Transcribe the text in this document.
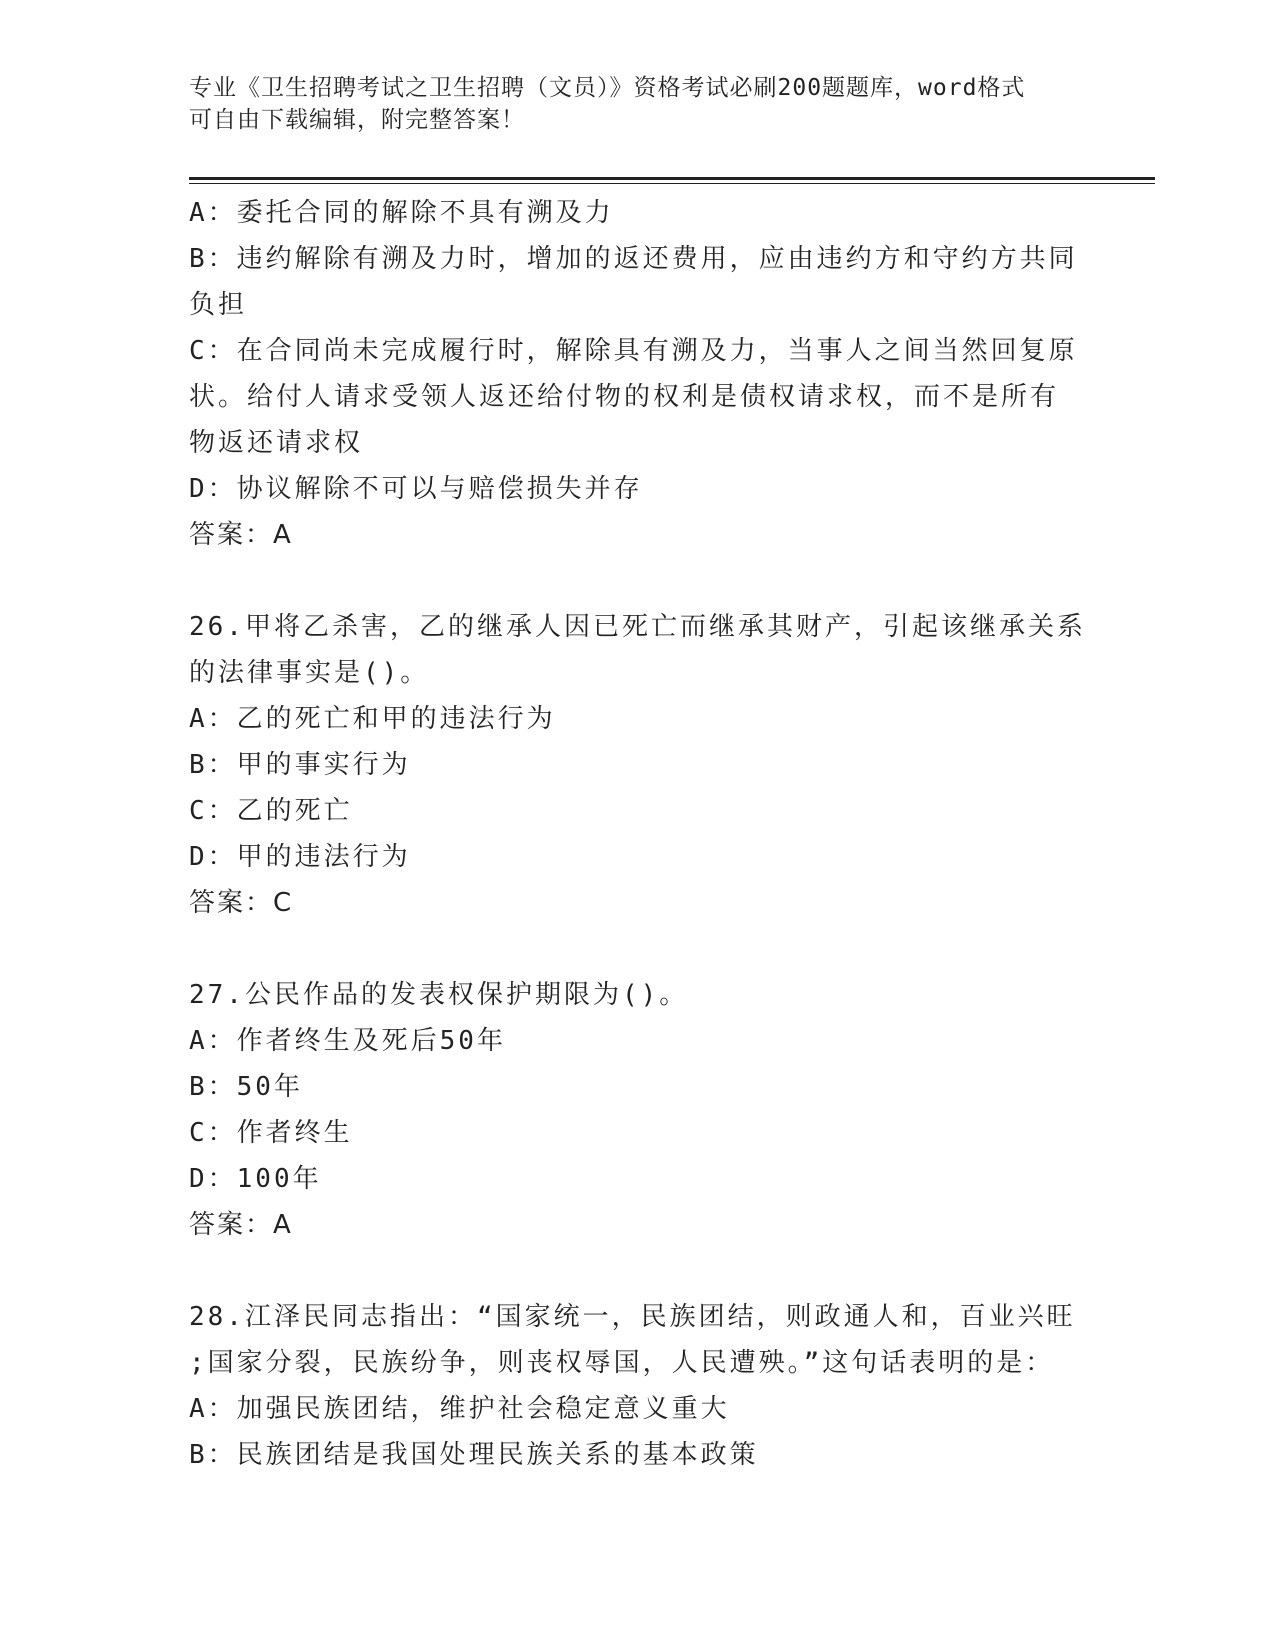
专业《卫生招聘考试之卫生招聘（文员）》资格考试必刷200题题库，word格式
可自由下载编辑，附完整答案！
A：委托合同的解除不具有溯及力
B：违约解除有溯及力时，增加的返还费用，应由违约方和守约方共同
负担
C：在合同尚未完成履行时，解除具有溯及力，当事人之间当然回复原
状。给付人请求受领人返还给付物的权利是债权请求权，而不是所有
物返还请求权
D：协议解除不可以与赔偿损失并存
答案：A
26.甲将乙杀害，乙的继承人因已死亡而继承其财产，引起该继承关系
的法律事实是()。
A：乙的死亡和甲的违法行为
B：甲的事实行为
C：乙的死亡
D：甲的违法行为
答案：C
27.公民作品的发表权保护期限为()。
A：作者终生及死后50年
B：50年
C：作者终生
D：100年
答案：A
28.江泽民同志指出：“国家统一，民族团结，则政通人和，百业兴旺
;国家分裂，民族纷争，则丧权辱国，人民遭殃。”这句话表明的是：
A：加强民族团结，维护社会稳定意义重大
B：民族团结是我国处理民族关系的基本政策
